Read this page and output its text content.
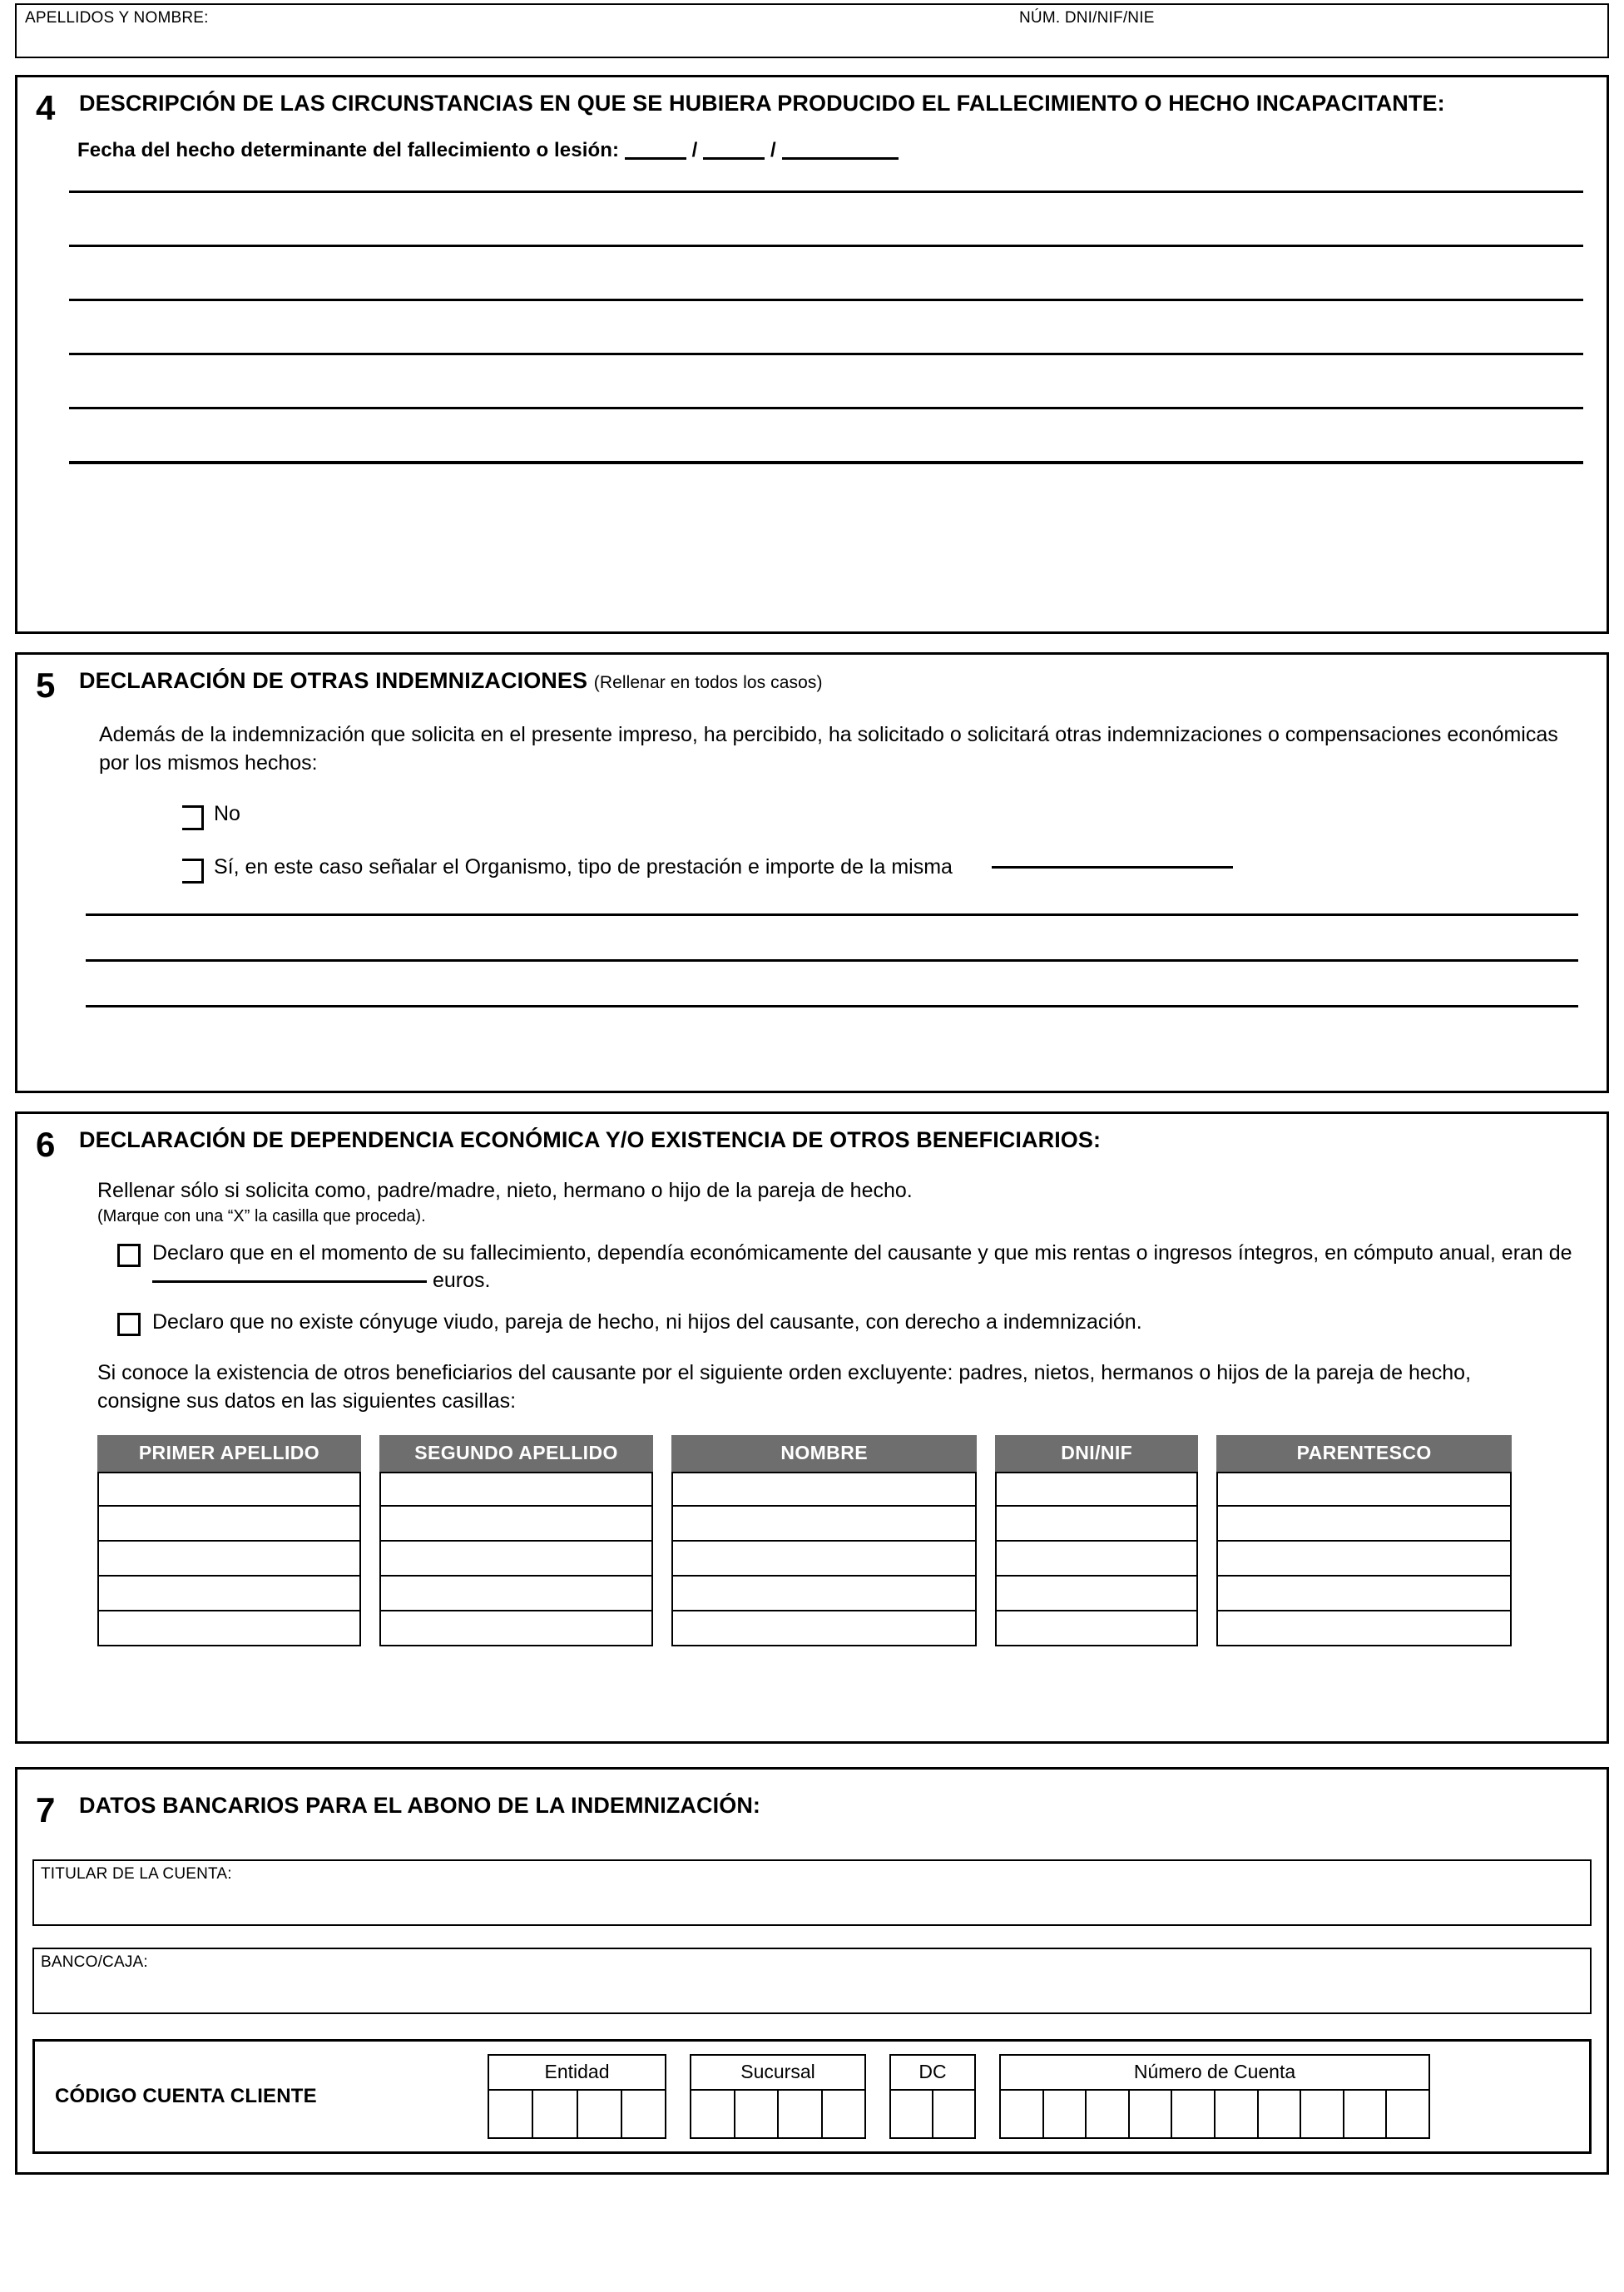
APELLIDOS Y NOMBRE:	NÚM. DNI/NIF/NIE
4	DESCRIPCIÓN DE LAS CIRCUNSTANCIAS EN QUE SE HUBIERA PRODUCIDO EL FALLECIMIENTO O HECHO INCAPACITANTE:
Fecha del hecho determinante del fallecimiento o lesión:	/	/
5	DECLARACIÓN DE OTRAS INDEMNIZACIONES (Rellenar en todos los casos)
Además de la indemnización que solicita en el presente impreso, ha percibido, ha solicitado o solicitará otras indemnizaciones o compensaciones económicas por los mismos hechos:
No
Sí, en este caso señalar el Organismo, tipo de prestación e importe de la misma
6	DECLARACIÓN DE DEPENDENCIA ECONÓMICA Y/O EXISTENCIA DE OTROS BENEFICIARIOS:
Rellenar sólo si solicita como, padre/madre, nieto, hermano o hijo de la pareja de hecho.
(Marque con una “X” la casilla que proceda).
Declaro que en el momento de su fallecimiento, dependía económicamente del causante y que mis rentas o ingresos íntegros, en cómputo anual, eran de  euros.
Declaro que no existe cónyuge viudo, pareja de hecho, ni hijos del causante, con derecho a indemnización.
Si conoce la existencia de otros beneficiarios del causante por el siguiente orden excluyente: padres, nietos, hermanos o hijos de la pareja de hecho, consigne sus datos en las siguientes casillas:
PRIMER APELLIDO	SEGUNDO APELLIDO	NOMBRE	DNI/NIF	PARENTESCO
7	DATOS BANCARIOS PARA EL ABONO DE LA INDEMNIZACIÓN:
TITULAR DE LA CUENTA:
BANCO/CAJA:
CÓDIGO CUENTA CLIENTE
Entidad	Sucursal	DC	Número de Cuenta
